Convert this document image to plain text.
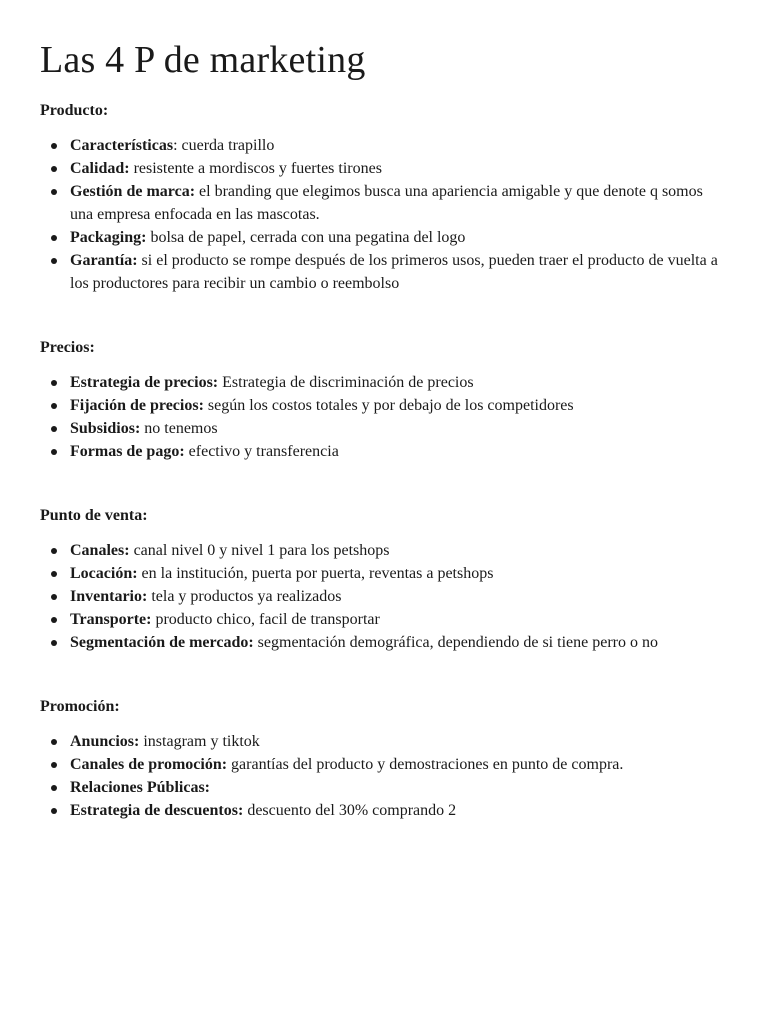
Las 4 P de marketing
Producto:
Características: cuerda trapillo
Calidad: resistente a mordiscos y fuertes tirones
Gestión de marca: el branding que elegimos busca una apariencia amigable y que denote q somos una empresa enfocada en las mascotas.
Packaging: bolsa de papel, cerrada con una pegatina del logo
Garantía: si el producto se rompe después de los primeros usos, pueden traer el producto de vuelta a los productores para recibir un cambio o reembolso
Precios:
Estrategia de precios: Estrategia de discriminación de precios
Fijación de precios: según los costos totales y por debajo de los competidores
Subsidios: no tenemos
Formas de pago: efectivo y transferencia
Punto de venta:
Canales: canal nivel 0 y nivel 1 para los petshops
Locación: en la institución, puerta por puerta, reventas a petshops
Inventario: tela y productos ya realizados
Transporte: producto chico, facil de transportar
Segmentación de mercado: segmentación demográfica, dependiendo de si tiene perro o no
Promoción:
Anuncios: instagram y tiktok
Canales de promoción: garantías del producto y demostraciones en punto de compra.
Relaciones Públicas:
Estrategia de descuentos: descuento del 30% comprando 2
